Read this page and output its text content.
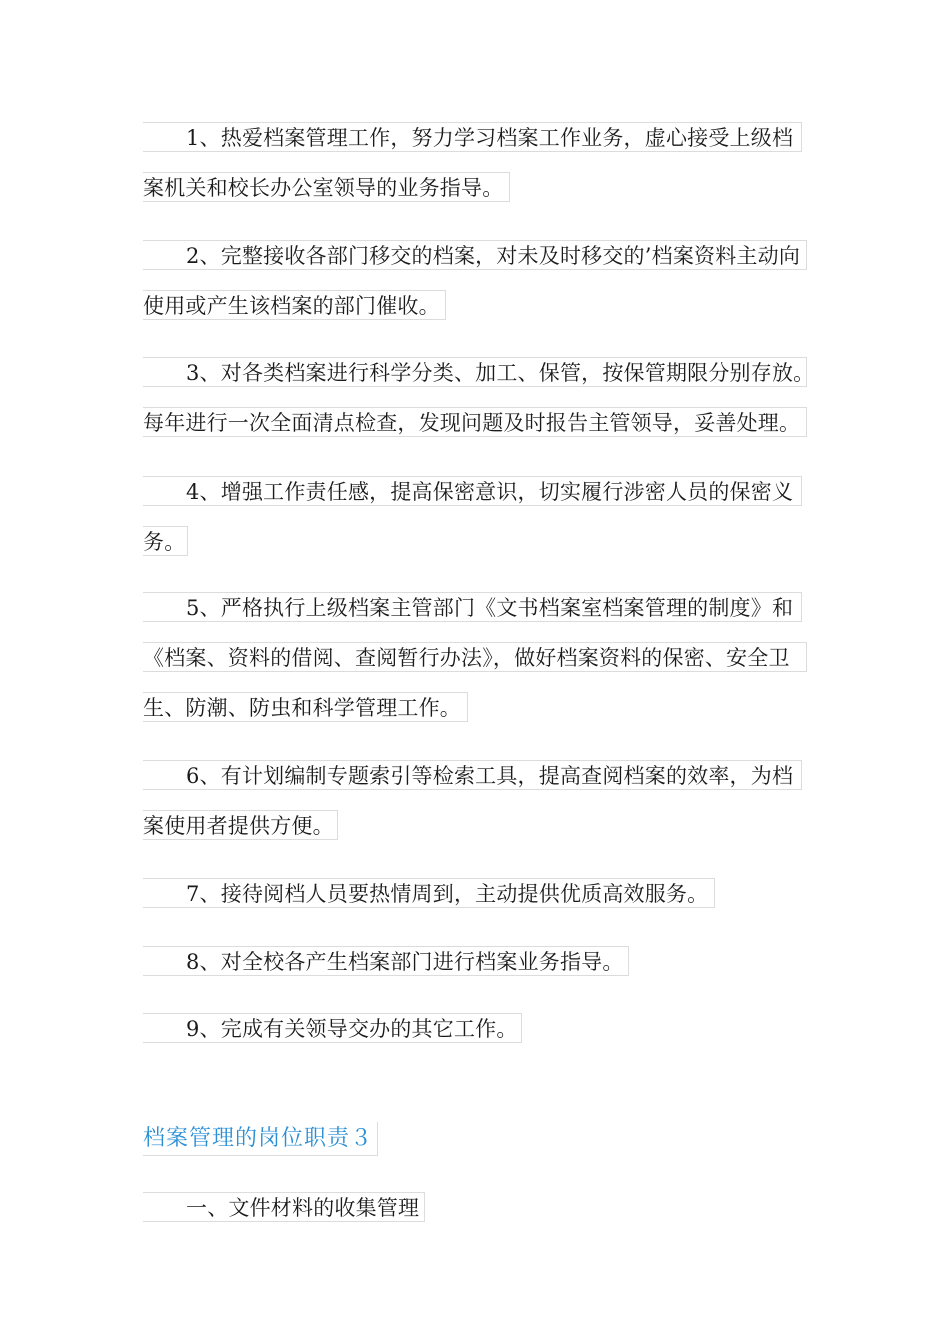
1、热爱档案管理工作，努力学习档案工作业务，虚心接受上级档
案机关和校长办公室领导的业务指导。
2、完整接收各部门移交的档案，对未及时移交的’档案资料主动向
使用或产生该档案的部门催收。
3、对各类档案进行科学分类、加工、保管，按保管期限分别存放。
每年进行一次全面清点检查，发现问题及时报告主管领导，妥善处理。
4、增强工作责任感，提高保密意识，切实履行涉密人员的保密义
务。
5、严格执行上级档案主管部门《文书档案室档案管理的制度》和
《档案、资料的借阅、查阅暂行办法》，做好档案资料的保密、安全卫
生、防潮、防虫和科学管理工作。
6、有计划编制专题索引等检索工具，提高查阅档案的效率，为档
案使用者提供方便。
7、接待阅档人员要热情周到，主动提供优质高效服务。
8、对全校各产生档案部门进行档案业务指导。
9、完成有关领导交办的其它工作。
档案管理的岗位职责３
一、文件材料的收集管理
